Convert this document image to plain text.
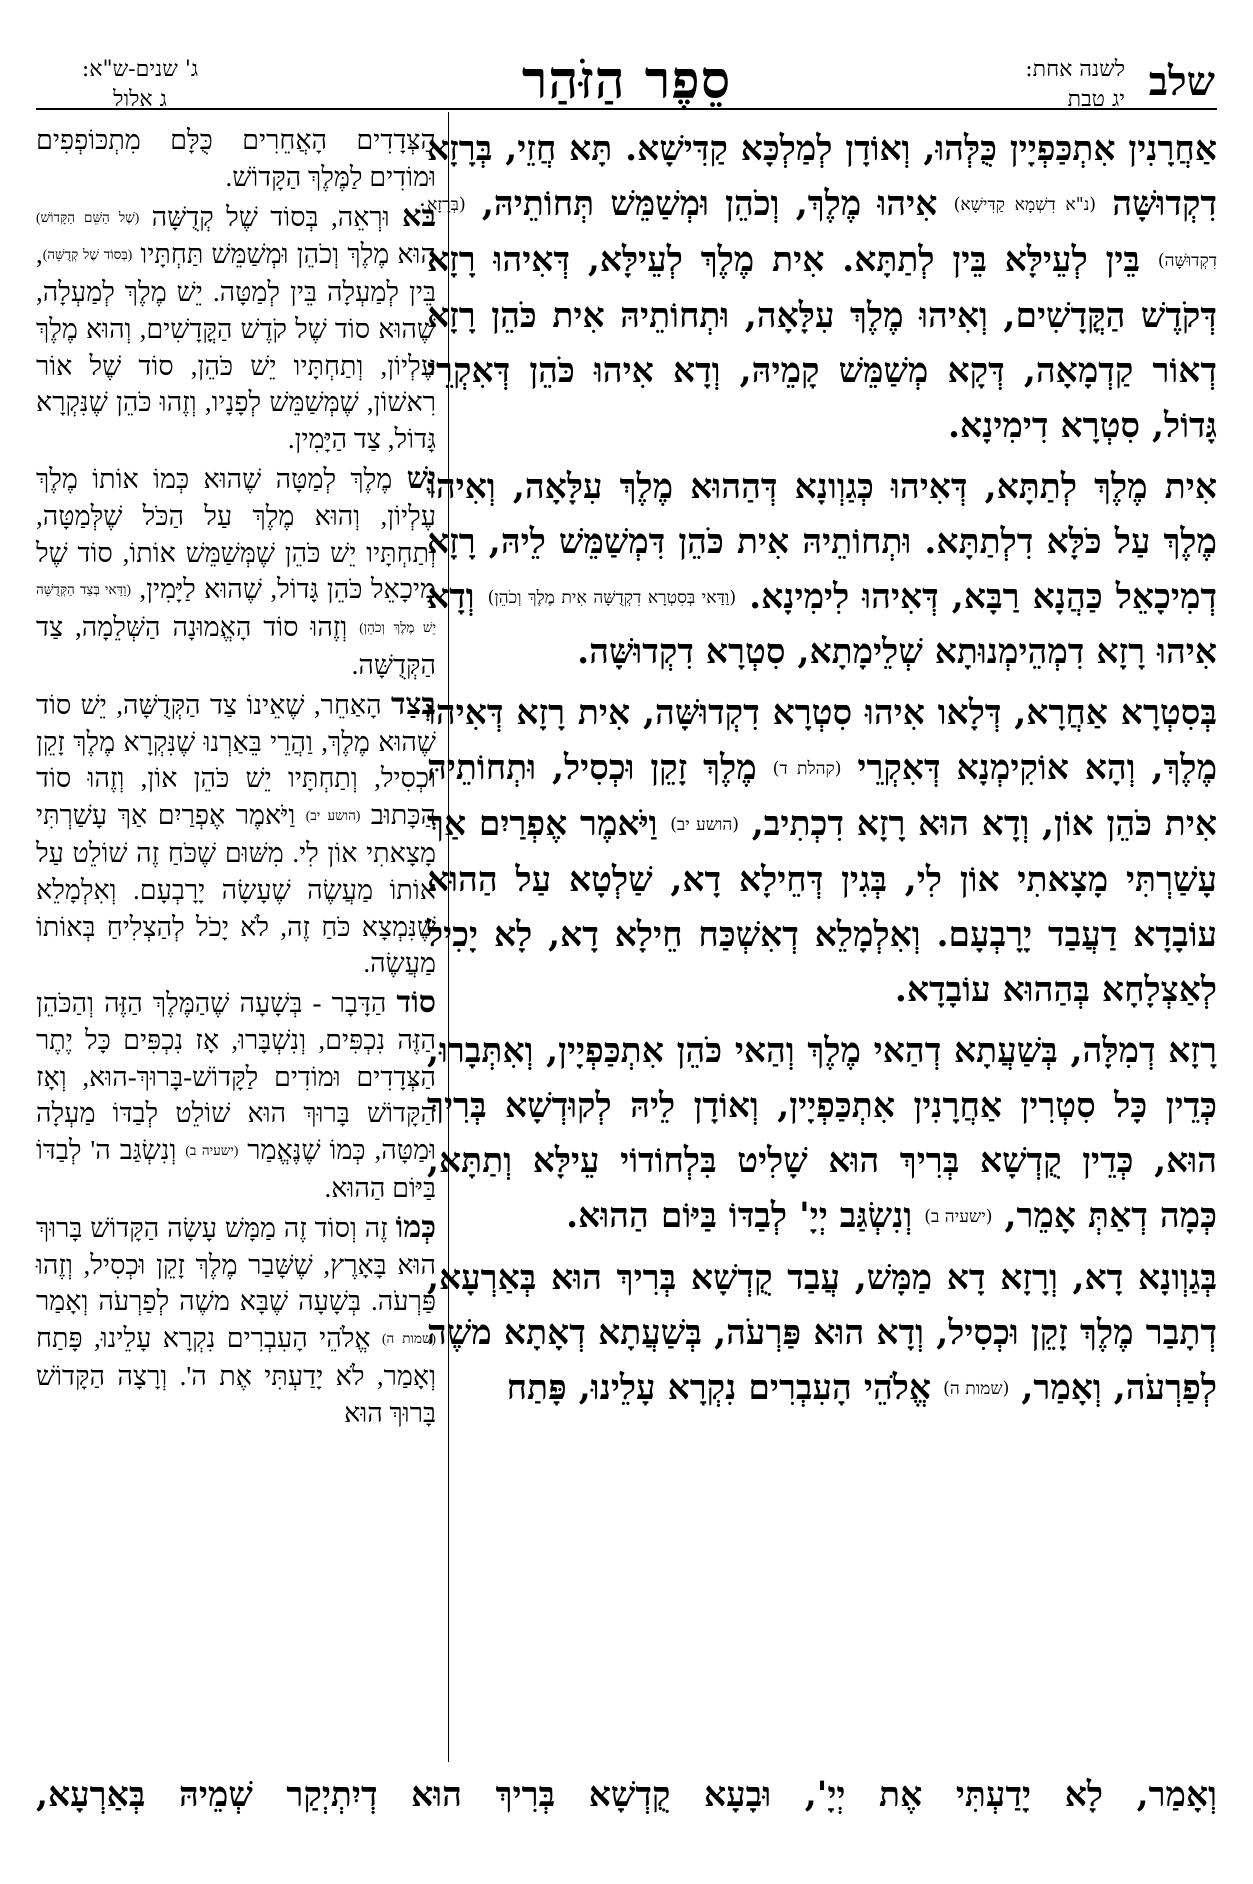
שלב
לשנה אחת:
יג טבת
סֵפֶר הַזֹּהַר
ג' שנים-ש"א:
ג אלול

אַחֲרָנִין אִתְכַּפְיָין כֻּלְּהוּ, וְאוֹדָן לְמַלְכָּא קַדִּישָׁא. תָּא חֲזֵי, בְּרָזָא דִקְדוּשָּׁה (נ"א דִשְׁמָא קַדִּישָׁא) אִיהוּ מֶלֶךְ, וְכֹהֵן וּמְשַׁמֵּשׁ תְּחוֹתֵיהּ, (בְּרָזָא דִקְדוּשָּׁה) בֵּין לְעֵילָּא בֵּין לְתַתָּא. אִית מֶלֶךְ לְעֵילָּא, דְּאִיהוּ רָזָא דְּקֹדֶשׁ הַקֳּדָשִׁים, וְאִיהוּ מֶלֶךְ עִלָּאָה, וּתְחוֹתֵיהּ אִית כֹּהֵן רָזָא דְאוֹר קַדְמָאָה, דְּקָא מְשַׁמֵּשׁ קָמֵיהּ, וְדָא אִיהוּ כֹּהֵן דְּאִקְרֵי גָּדוֹל, סִטְרָא דִימִינָא.

אִית מֶלֶךְ לְתַתָּא, דְּאִיהוּ כְּגַוְונָא דְּהַהוּא מֶלֶךְ עִלָּאָה, וְאִיהוּ מֶלֶךְ עַל כֹּלָּא דִלְתַתָּא. וּתְחוֹתֵיהּ אִית כֹּהֵן דִּמְשַׁמֵּשׁ לֵיהּ, רָזָא דְמִיכָאֵל כַּהֲנָא רַבָּא, דְּאִיהוּ לִימִינָא. (וַדַּאי בְּסִטְרָא דִקְדֻשָּׁה אִית מֶלֶךְ וְכֹהֵן) וְדָא אִיהוּ רָזָא דִמְהֵימְנוּתָא שְׁלֵימָתָא, סִטְרָא דִקְדוּשָּׁה.

בְּסִטְרָא אַחֲרָא, דְּלָאו אִיהוּ סִטְרָא דִקְדוּשָּׁה, אִית רָזָא דְּאִיהוּ מֶלֶךְ, וְהָא אוֹקִימְנָא דְּאִקְרֵי (קהלת ד) מֶלֶךְ זָקֵן וּכְסִיל, וּתְחוֹתֵיהּ אִית כֹּהֵן אוֹן, וְדָא הוּא רָזָא דִכְתִיב, (הושע יב) וַיֹּאמֶר אֶפְרַיִם אַךְ עָשַׁרְתִּי מָצָאתִי אוֹן לִי, בְּגִין דְּחֵילָא דָא, שַׁלְטָא עַל הַהוּא עוֹבָדָא דַעֲבַד יָרָבְעָם. וְאִלְמָלֵא דְאִשְׁכַּח חֵילָא דָא, לָא יָכִיל לְאַצְלָחָא בְּהַהוּא עוֹבָדָא.

רָזָא דְמִלָּה, בְּשַׁעֲתָא דְהַאי מֶלֶךְ וְהַאי כֹּהֵן אִתְכַּפְיָין, וְאִתְּבָרוּ, כְּדֵין כָּל סִטְרִין אַחֲרָנִין אִתְכַּפְיָין, וְאוֹדָן לֵיהּ לְקוּדְשָׁא בְּרִיךְ הוּא, כְּדֵין קֻדְשָׁא בְּרִיךְ הוּא שָׁלִיט בִּלְחוֹדוֹי עֵילָּא וְתַתָּא, כְּמָה דְאַתְּ אָמֵר, (ישעיה ב) וְנִשְׂגַּב יְיָ' לְבַדּוֹ בַּיּוֹם הַהוּא.

בְּגַוְונָא דָא, וְרָזָא דָא מַמָּשׁ, עֲבַד קֻדְשָׁא בְּרִיךְ הוּא בְּאַרְעָא, דְתָבַר מֶלֶךְ זָקֵן וּכְסִיל, וְדָא הוּא פַּרְעֹה, בְּשַׁעֲתָא דְאָתָא משֶׁה לְפַרְעֹה, וְאָמַר, (שמות ה) אֱלֹהֵי הָעִבְרִים נִקְרָא עָלֵינוּ, פָּתַח

הַצְּדָדִים הָאֲחֵרִים כֻּלָּם מִתְכּוֹפְפִים וּמוֹדִים לַמֶּלֶךְ הַקָּדוֹשׁ.

בֹּא וּרְאֵה, בְּסוֹד שֶׁל קְדֻשָּׁה (שֶׁל הַשֵּׁם הַקָּדוֹשׁ) הוּא מֶלֶךְ וְכֹהֵן וּמְשַׁמֵּשׁ תַּחְתָּיו (בְּסוֹד שֶׁל קְדֻשָּׁה), בֵּין לְמַעְלָה בֵּין לְמַטָּה. יֵשׁ מֶלֶךְ לְמַעְלָה, שֶׁהוּא סוֹד שֶׁל קֹדֶשׁ הַקֳּדָשִׁים, וְהוּא מֶלֶךְ עֶלְיוֹן, וְתַחְתָּיו יֵשׁ כֹּהֵן, סוֹד שֶׁל אוֹר רִאשׁוֹן, שֶׁמְּשַׁמֵּשׁ לְפָנָיו, וְזֶהוּ כֹּהֵן שֶׁנִּקְרָא גָּדוֹל, צַד הַיָּמִין.

יֵשׁ מֶלֶךְ לְמַטָּה שֶׁהוּא כְּמוֹ אוֹתוֹ מֶלֶךְ עֶלְיוֹן, וְהוּא מֶלֶךְ עַל הַכֹּל שֶׁלְּמַטָּה, וְתַחְתָּיו יֵשׁ כֹּהֵן שֶׁמְּשַׁמֵּשׁ אוֹתוֹ, סוֹד שֶׁל מִיכָאֵל כֹּהֵן גָּדוֹל, שֶׁהוּא לַיָּמִין, (וַדַּאי בְּצַד הַקְּדֻשָּׁה יֵשׁ מֶלֶךְ וְכֹהֵן) וְזֶהוּ סוֹד הָאֱמוּנָה הַשְּׁלֵמָה, צַד הַקְּדֻשָּׁה.

בְּצַד הָאַחֵר, שֶׁאֵינוֹ צַד הַקְּדֻשָּׁה, יֵשׁ סוֹד שֶׁהוּא מֶלֶךְ, וַהֲרֵי בֵּאַרְנוּ שֶׁנִּקְרָא מֶלֶךְ זָקֵן וּכְסִיל, וְתַחְתָּיו יֵשׁ כֹּהֵן אוֹן, וְזֶהוּ סוֹד הַכָּתוּב (הושע יב) וַיֹּאמֶר אֶפְרַיִם אַךְ עָשַׁרְתִּי מָצָאתִי אוֹן לִי. מִשּׁוּם שֶׁכֹּחַ זֶה שׁוֹלֵט עַל אוֹתוֹ מַעֲשֶׂה שֶׁעָשָׂה יָרָבְעָם. וְאִלְמָלֵא שֶׁנִּמְצָא כֹּחַ זֶה, לֹא יָכֹל לְהַצְלִיחַ בְּאוֹתוֹ מַעֲשֶׂה.

סוֹד הַדָּבָר - בְּשָׁעָה שֶׁהַמֶּלֶךְ הַזֶּה וְהַכֹּהֵן הַזֶּה נִכְפִּים, וְנִשְׁבָּרוּ, אָז נִכְפִּים כָּל יֶתֶר הַצְּדָדִים וּמוֹדִים לַקָּדוֹשׁ-בָּרוּךְ-הוּא, וְאָז הַקָּדוֹשׁ בָּרוּךְ הוּא שׁוֹלֵט לְבַדּוֹ מַעְלָה וּמַטָּה, כְּמוֹ שֶׁנֶּאֱמַר (ישעיה ב) וְנִשְׂגַּב ה' לְבַדּוֹ בַּיּוֹם הַהוּא.

כְּמוֹ זֶה וְסוֹד זֶה מַמָּשׁ עָשָׂה הַקָּדוֹשׁ בָּרוּךְ הוּא בָּאָרֶץ, שֶׁשָּׁבַר מֶלֶךְ זָקֵן וּכְסִיל, וְזֶהוּ פַּרְעֹה. בְּשָׁעָה שֶׁבָּא משֶׁה לְפַרְעֹה וְאָמַר (שמות ה) אֱלֹהֵי הָעִבְרִים נִקְרָא עָלֵינוּ, פָּתַח וְאָמַר, לֹא יָדַעְתִּי אֶת ה'. וְרָצָה הַקָּדוֹשׁ בָּרוּךְ הוּא

וְאָמַר, לָא יָדַעְתִּי אֶת יְיָ', וּבָעָא קֻדְשָׁא בְּרִיךְ הוּא דְיִתְיְקַר שְׁמֵיהּ בְּאַרְעָא,
